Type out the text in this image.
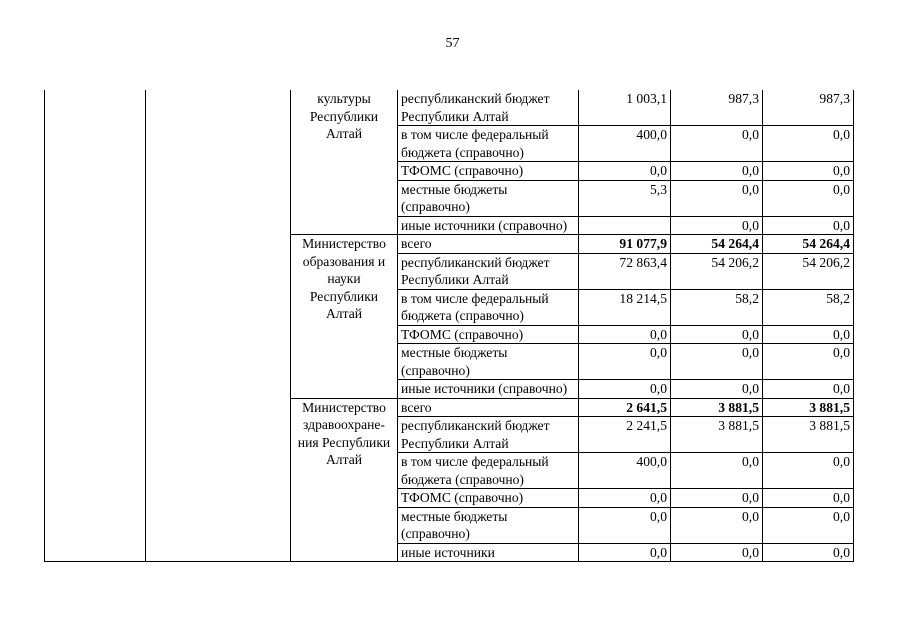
57
		культуры Республики Алтай	республиканский бюджет Республики Алтай	1 003,1	987,3	987,3
			в том числе федеральный бюджета (справочно)	400,0	0,0	0,0
			ТФОМС (справочно)	0,0	0,0	0,0
			местные бюджеты (справочно)	5,3	0,0	0,0
			иные источники (справочно)		0,0	0,0
		Министерство образования и науки Республики Алтай	всего	91 077,9	54 264,4	54 264,4
			республиканский бюджет Республики Алтай	72 863,4	54 206,2	54 206,2
			в том числе федеральный бюджета (справочно)	18 214,5	58,2	58,2
			ТФОМС (справочно)	0,0	0,0	0,0
			местные бюджеты (справочно)	0,0	0,0	0,0
			иные источники (справочно)	0,0	0,0	0,0
		Министерство здравоохране-ния Республики Алтай	всего	2 641,5	3 881,5	3 881,5
			республиканский бюджет Республики Алтай	2 241,5	3 881,5	3 881,5
			в том числе федеральный бюджета (справочно)	400,0	0,0	0,0
			ТФОМС (справочно)	0,0	0,0	0,0
			местные бюджеты (справочно)	0,0	0,0	0,0
			иные источники	0,0	0,0	0,0
